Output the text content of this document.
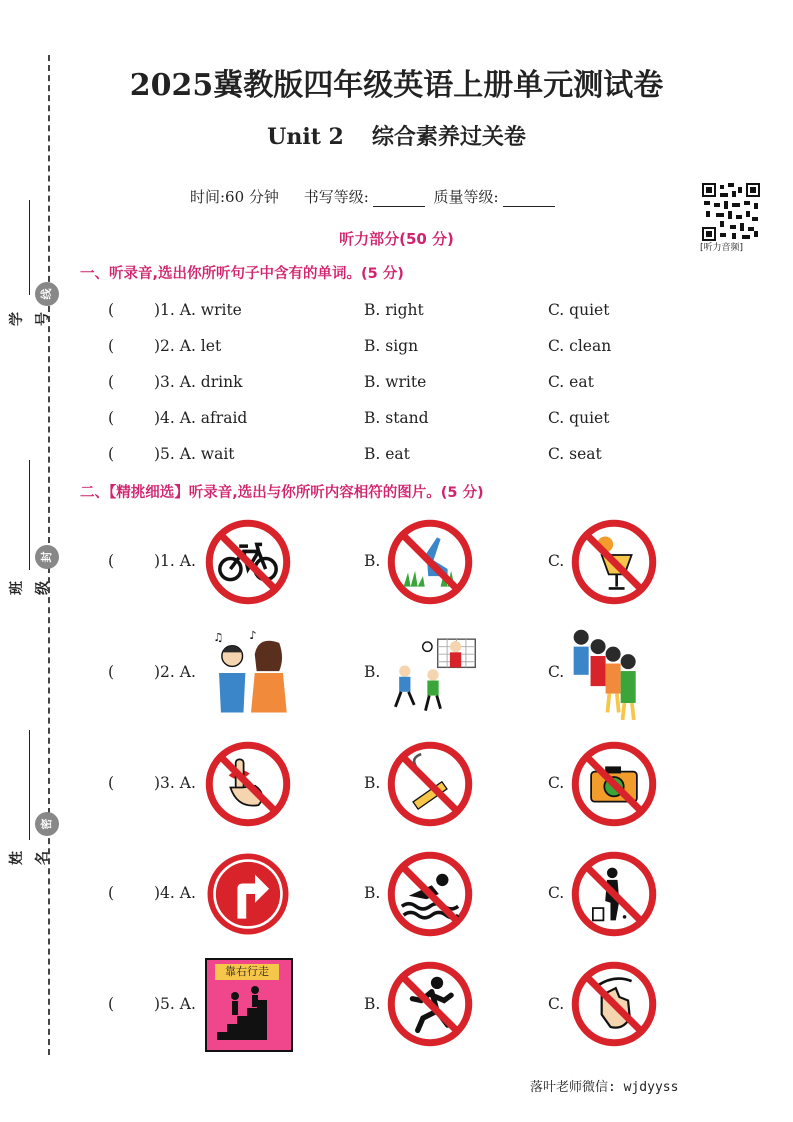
学号
线
班级
封
姓名
密
2025冀教版四年级英语上册单元测试卷
Unit 2 综合素养过关卷
时间:60 分钟 书写等级:	质量等级:
[听力音频]
听力部分(50 分)
一、听录音,选出你所听句子中含有的单词。(5 分)
(	)1. A. write	B. right	C. quiet
(	)2. A. let	B. sign	C. clean
(	)3. A. drink	B. write	C. eat
(	)4. A. afraid	B. stand	C. quiet
(	)5. A. wait	B. eat	C. seat
二、【精挑细选】听录音,选出与你所听内容相符的图片。(5 分)
(	)1. A.	B.	C.
(	)2. A.	B.	C.
♪
♫
(	)3. A.	B.	C.
(	)4. A.	B.	C.
(	)5. A.	B.	C.
靠右行走
落叶老师微信: wjdyyss
